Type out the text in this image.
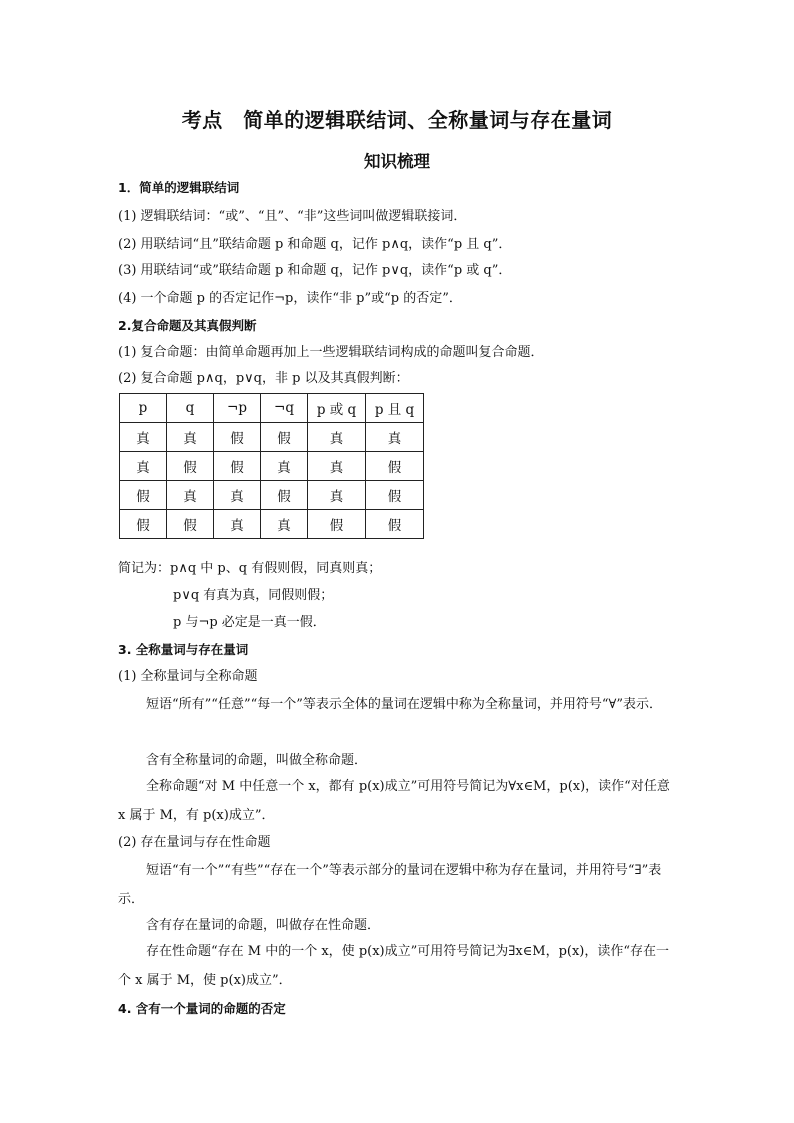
考点　简单的逻辑联结词、全称量词与存在量词
知识梳理
1．简单的逻辑联结词
(1) 逻辑联结词：“或”、“且”、“非”这些词叫做逻辑联接词．
(2) 用联结词“且”联结命题 p 和命题 q，记作 p∧q，读作“p 且 q”．
(3) 用联结词“或”联结命题 p 和命题 q，记作 p∨q，读作“p 或 q”．
(4) 一个命题 p 的否定记作¬p，读作“非 p”或“p 的否定”．
2.复合命题及其真假判断
(1) 复合命题：由简单命题再加上一些逻辑联结词构成的命题叫复合命题．
(2) 复合命题 p∧q，p∨q，非 p 以及其真假判断：
p	q	¬p	¬q	p 或 q	p 且 q
真	真	假	假	真	真
真	假	假	真	真	假
假	真	真	假	真	假
假	假	真	真	假	假
简记为：p∧q 中 p、q 有假则假，同真则真；
p∨q 有真为真，同假则假；
p 与¬p 必定是一真一假．
3. 全称量词与存在量词
(1) 全称量词与全称命题
短语“所有”“任意”“每一个”等表示全体的量词在逻辑中称为全称量词，并用符号“∀”表示．
含有全称量词的命题，叫做全称命题．
全称命题“对 M 中任意一个 x，都有 p(x)成立”可用符号简记为∀x∈M，p(x)，读作“对任意 x 属于 M，有 p(x)成立”．
(2) 存在量词与存在性命题
短语“有一个”“有些”“存在一个”等表示部分的量词在逻辑中称为存在量词，并用符号“∃”表示．
含有存在量词的命题，叫做存在性命题．
存在性命题“存在 M 中的一个 x，使 p(x)成立”可用符号简记为∃x∈M，p(x)，读作“存在一个 x 属于 M，使 p(x)成立”．
4. 含有一个量词的命题的否定
